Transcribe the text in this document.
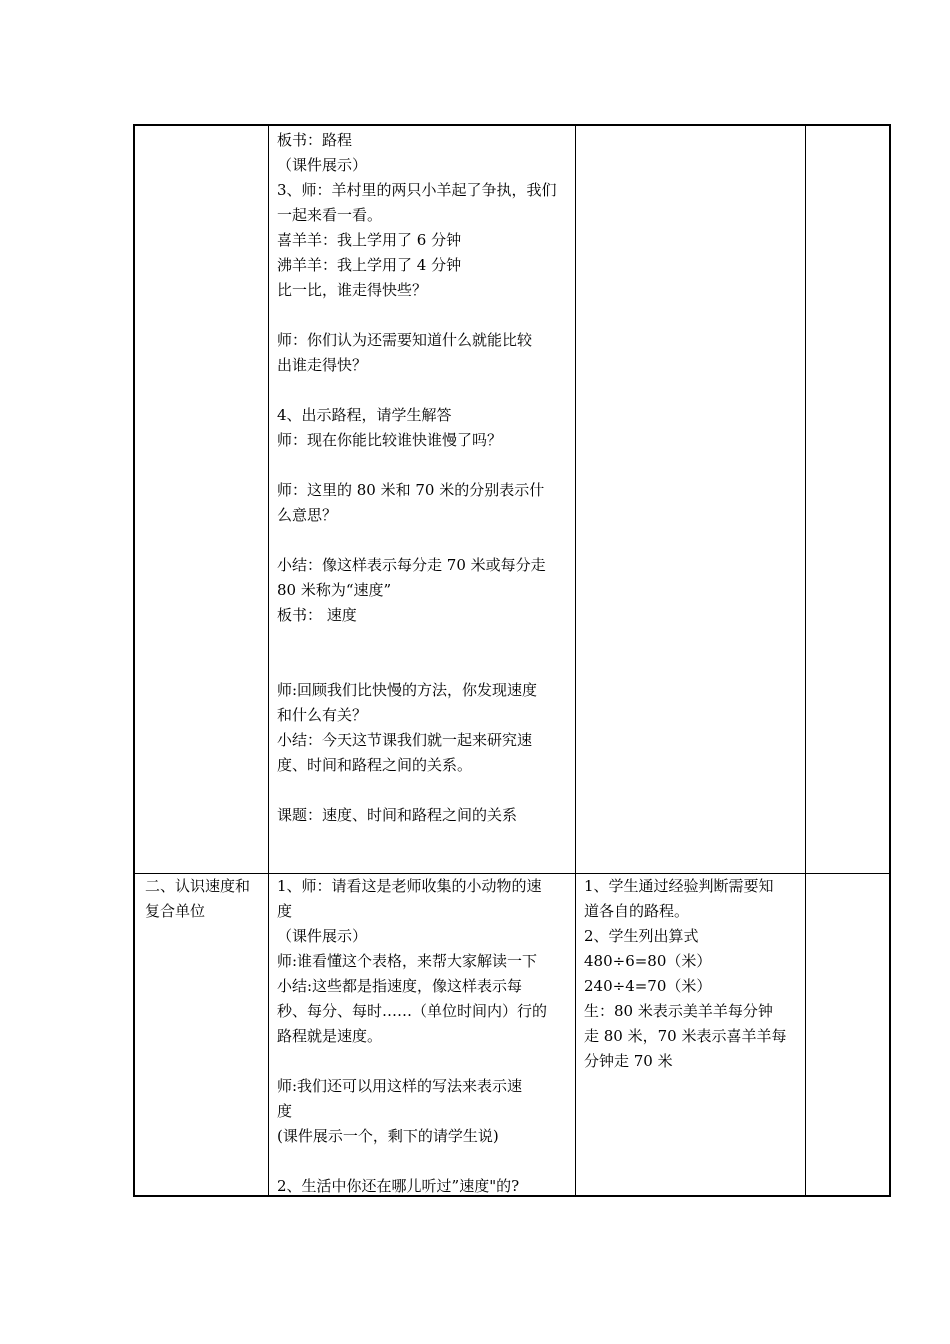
板书：路程
（课件展示）
3、师：羊村里的两只小羊起了争执，我们
一起来看一看。
喜羊羊：我上学用了 6 分钟
沸羊羊：我上学用了 4 分钟
比一比，谁走得快些？
师：你们认为还需要知道什么就能比较
出谁走得快？
4、出示路程，请学生解答
师：现在你能比较谁快谁慢了吗？
师：这里的 80 米和 70 米的分别表示什
么意思？
小结：像这样表示每分走 70 米或每分走
80 米称为“速度”
板书： 速度
师:回顾我们比快慢的方法，你发现速度
和什么有关？
小结：今天这节课我们就一起来研究速
度、时间和路程之间的关系。
课题：速度、时间和路程之间的关系
二、认识速度和
复合单位
1、师：请看这是老师收集的小动物的速
度
（课件展示）
师:谁看懂这个表格，来帮大家解读一下
小结:这些都是指速度，像这样表示每
秒、每分、每时……（单位时间内）行的
路程就是速度。
师:我们还可以用这样的写法来表示速
度
(课件展示一个，剩下的请学生说)
2、生活中你还在哪儿听过”速度"的?
1、学生通过经验判断需要知
道各自的路程。
2、学生列出算式
480÷6=80（米）
240÷4=70（米）
生：80 米表示美羊羊每分钟
走 80 米，70 米表示喜羊羊每
分钟走 70 米
